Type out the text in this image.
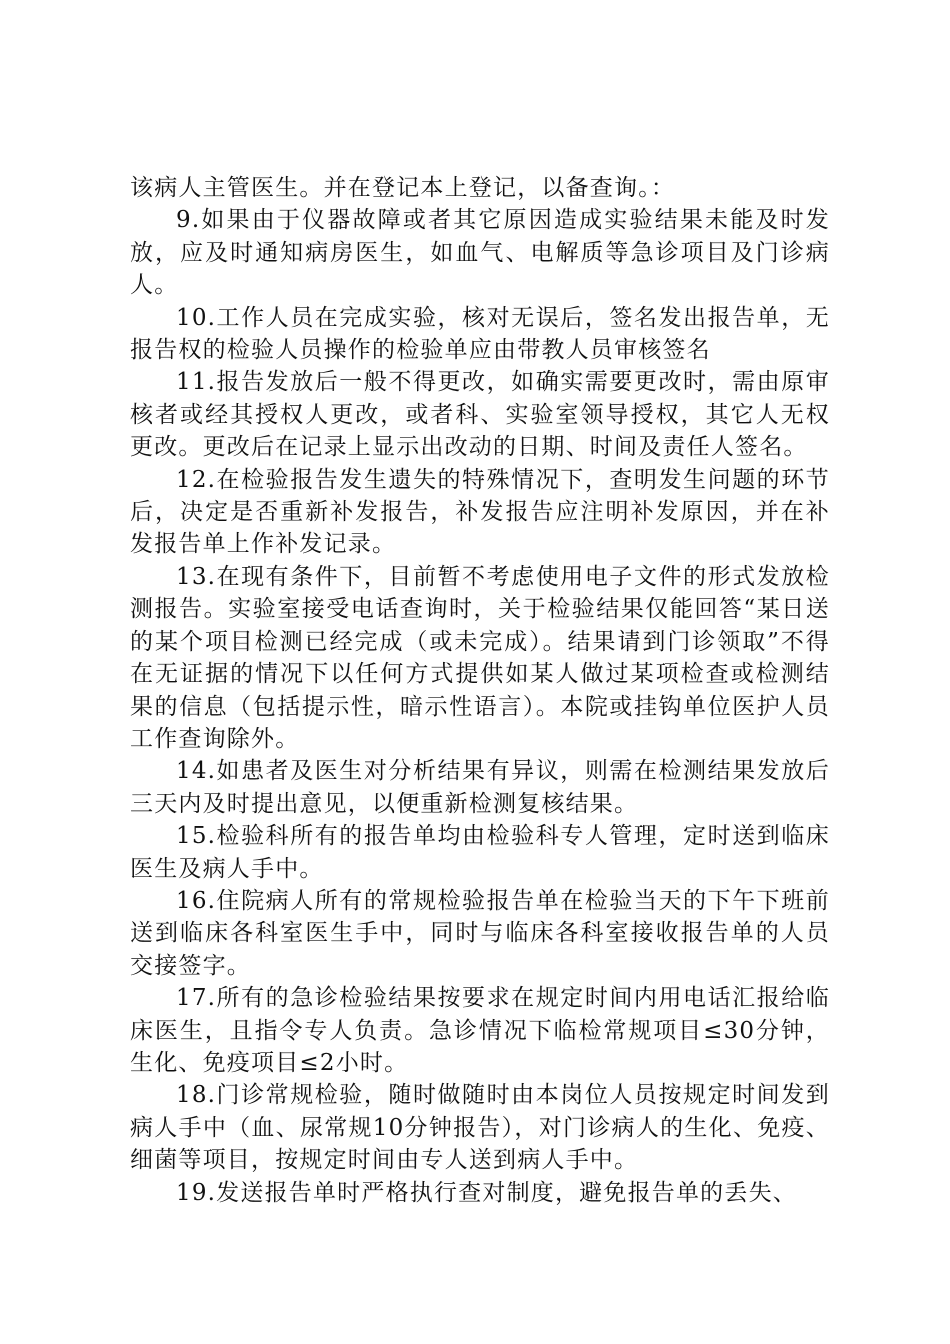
该病人主管医生。并在登记本上登记，以备查询。：

9.如果由于仪器故障或者其它原因造成实验结果未能及时发放，应及时通知病房医生，如血气、电解质等急诊项目及门诊病人。

10.工作人员在完成实验，核对无误后，签名发出报告单，无报告权的检验人员操作的检验单应由带教人员审核签名

11.报告发放后一般不得更改，如确实需要更改时，需由原审核者或经其授权人更改，或者科、实验室领导授权，其它人无权更改。更改后在记录上显示出改动的日期、时间及责任人签名。

12.在检验报告发生遗失的特殊情况下，查明发生问题的环节后，决定是否重新补发报告，补发报告应注明补发原因，并在补发报告单上作补发记录。

13.在现有条件下，目前暂不考虑使用电子文件的形式发放检测报告。实验室接受电话查询时，关于检验结果仅能回答“某日送的某个项目检测已经完成（或未完成）。结果请到门诊领取”不得在无证据的情况下以任何方式提供如某人做过某项检查或检测结果的信息（包括提示性，暗示性语言）。本院或挂钩单位医护人员工作查询除外。

14.如患者及医生对分析结果有异议，则需在检测结果发放后三天内及时提出意见，以便重新检测复核结果。

15.检验科所有的报告单均由检验科专人管理，定时送到临床医生及病人手中。

16.住院病人所有的常规检验报告单在检验当天的下午下班前送到临床各科室医生手中，同时与临床各科室接收报告单的人员交接签字。

17.所有的急诊检验结果按要求在规定时间内用电话汇报给临床医生，且指令专人负责。急诊情况下临检常规项目≤30分钟，生化、免疫项目≤2小时。

18.门诊常规检验，随时做随时由本岗位人员按规定时间发到病人手中（血、尿常规10分钟报告），对门诊病人的生化、免疫、细菌等项目，按规定时间由专人送到病人手中。

19.发送报告单时严格执行查对制度，避免报告单的丢失、
